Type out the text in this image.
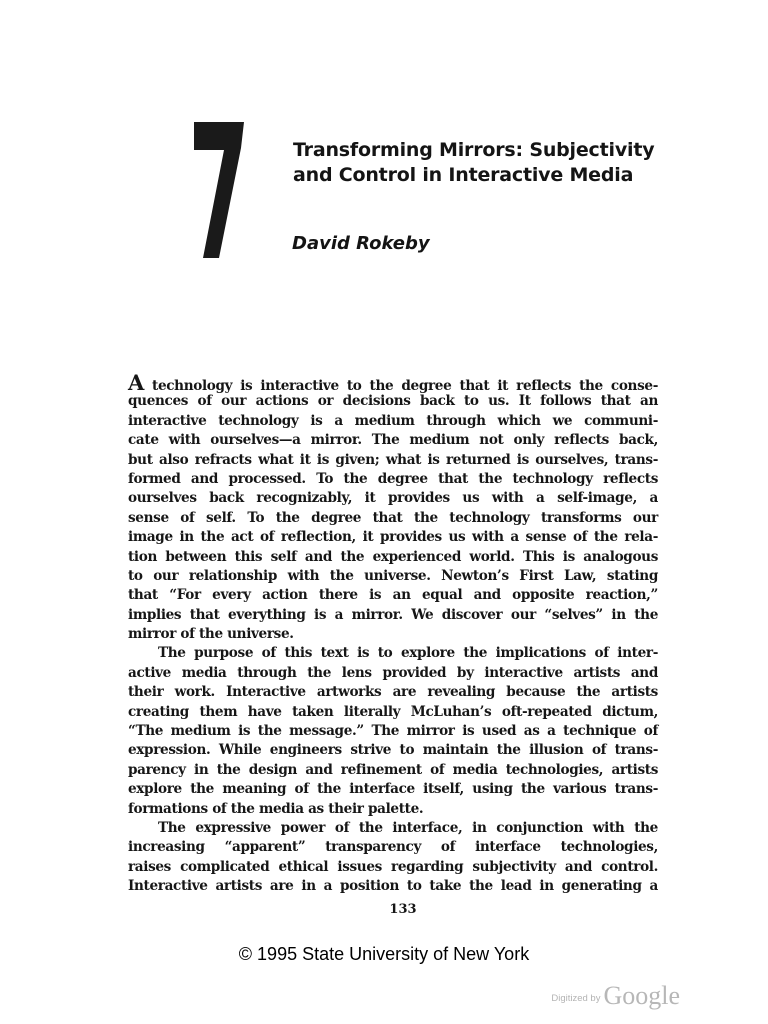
Transforming Mirrors: Subjectivity
and Control in Interactive Media

David Rokeby

A technology is interactive to the degree that it reflects the conse-
quences of our actions or decisions back to us. It follows that an
interactive technology is a medium through which we communi-
cate with ourselves—a mirror. The medium not only reflects back,
but also refracts what it is given; what is returned is ourselves, trans-
formed and processed. To the degree that the technology reflects
ourselves back recognizably, it provides us with a self-image, a
sense of self. To the degree that the technology transforms our
image in the act of reflection, it provides us with a sense of the rela-
tion between this self and the experienced world. This is analogous
to our relationship with the universe. Newton’s First Law, stating
that “For every action there is an equal and opposite reaction,”
implies that everything is a mirror. We discover our “selves” in the
mirror of the universe.
The purpose of this text is to explore the implications of inter-
active media through the lens provided by interactive artists and
their work. Interactive artworks are revealing because the artists
creating them have taken literally McLuhan’s oft-repeated dictum,
“The medium is the message.” The mirror is used as a technique of
expression. While engineers strive to maintain the illusion of trans-
parency in the design and refinement of media technologies, artists
explore the meaning of the interface itself, using the various trans-
formations of the media as their palette.
The expressive power of the interface, in conjunction with the
increasing “apparent” transparency of interface technologies,
raises complicated ethical issues regarding subjectivity and control.
Interactive artists are in a position to take the lead in generating a

133

© 1995 State University of New York

Digitized by Google
